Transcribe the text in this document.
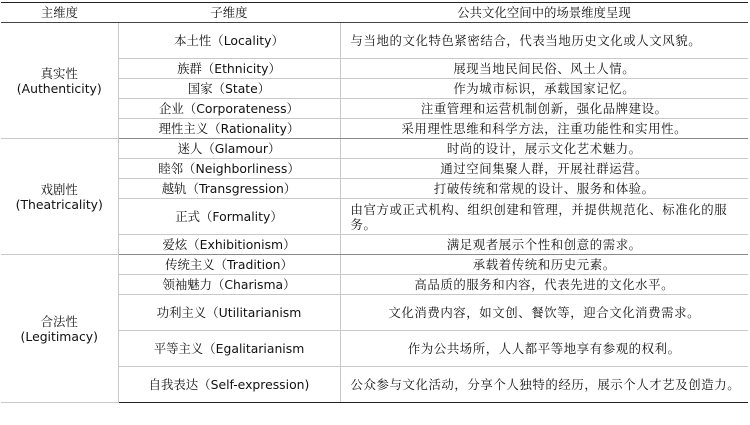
主维度	子维度	公共文化空间中的场景维度呈现

真实性
(Authenticity)	本土性（Locality）	与当地的文化特色紧密结合，代表当地历史文化或人文风貌。
	族群（Ethnicity）	展现当地民间民俗、风土人情。
	国家（State）	作为城市标识，承载国家记忆。
	企业（Corporateness）	注重管理和运营机制创新，强化品牌建设。
	理性主义（Rationality）	采用理性思维和科学方法，注重功能性和实用性。

戏剧性
(Theatricality)	迷人（Glamour）	时尚的设计，展示文化艺术魅力。
	睦邻（Neighborliness）	通过空间集聚人群，开展社群运营。
	越轨（Transgression）	打破传统和常规的设计、服务和体验。
	正式（Formality）	由官方或正式机构、组织创建和管理，并提供规范化、标准化的服务。
	爱炫（Exhibitionism）	满足观者展示个性和创意的需求。

合法性
(Legitimacy)	传统主义（Tradition）	承载着传统和历史元素。
	领袖魅力（Charisma）	高品质的服务和内容，代表先进的文化水平。
	功利主义（Utilitarianism	文化消费内容，如文创、餐饮等，迎合文化消费需求。
	平等主义（Egalitarianism	作为公共场所，人人都平等地享有参观的权利。
	自我表达（Self-expression)	公众参与文化活动，分享个人独特的经历，展示个人才艺及创造力。
